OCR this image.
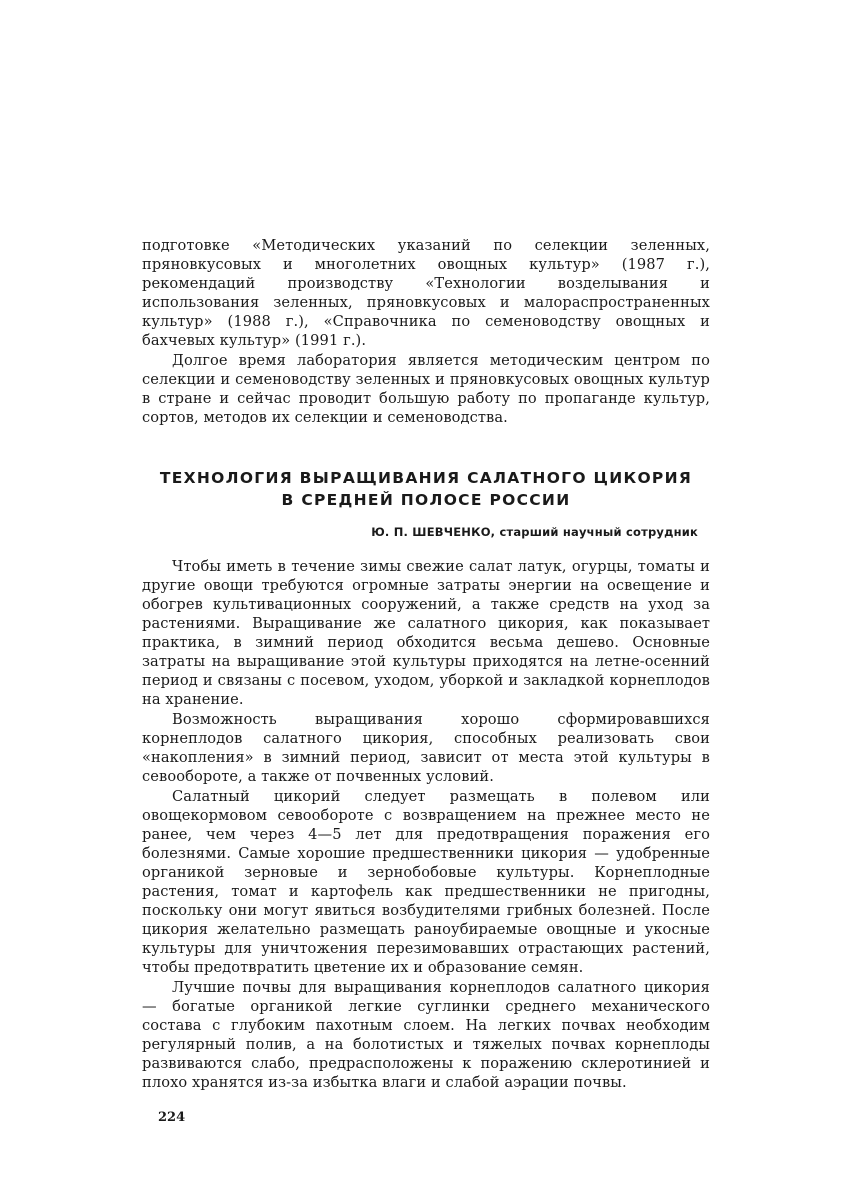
подготовке «Методических указаний по селекции зеленных, пряновкусовых и многолетних овощных культур» (1987 г.), рекомендаций производству «Технологии возделывания и использования зеленных, пряновкусовых и малораспространенных культур» (1988 г.), «Справочника по семеноводству овощных и бахчевых культур» (1991 г.).

Долгое время лаборатория является методическим центром по селекции и семеноводству зеленных и пряновкусовых овощных культур в стране и сейчас проводит большую работу по пропаганде культур, сортов, методов их селекции и семеноводства.

ТЕХНОЛОГИЯ ВЫРАЩИВАНИЯ САЛАТНОГО ЦИКОРИЯ
В СРЕДНЕЙ ПОЛОСЕ РОССИИ
Ю. П. ШЕВЧЕНКО, старший научный сотрудник

Чтобы иметь в течение зимы свежие салат латук, огурцы, томаты и другие овощи требуются огромные затраты энергии на освещение и обогрев культивационных сооружений, а также средств на уход за растениями. Выращивание же салатного цикория, как показывает практика, в зимний период обходится весьма дешево. Основные затраты на выращивание этой культуры приходятся на летне-осенний период и связаны с посевом, уходом, уборкой и закладкой корнеплодов на хранение.

Возможность выращивания хорошо сформировавшихся корнеплодов салатного цикория, способных реализовать свои «накопления» в зимний период, зависит от места этой культуры в севообороте, а также от почвенных условий.

Салатный цикорий следует размещать в полевом или овощекормовом севообороте с возвращением на прежнее место не ранее, чем через 4—5 лет для предотвращения поражения его болезнями. Самые хорошие предшественники цикория — удобренные органикой зерновые и зернобобовые культуры. Корнеплодные растения, томат и картофель как предшественники не пригодны, поскольку они могут явиться возбудителями грибных болезней. После цикория желательно размещать раноубираемые овощные и укосные культуры для уничтожения перезимовавших отрастающих растений, чтобы предотвратить цветение их и образование семян.

Лучшие почвы для выращивания корнеплодов салатного цикория — богатые органикой легкие суглинки среднего механического состава с глубоким пахотным слоем. На легких почвах необходим регулярный полив, а на болотистых и тяжелых почвах корнеплоды развиваются слабо, предрасположены к поражению склеротинией и плохо хранятся из-за избытка влаги и слабой аэрации почвы.

224
